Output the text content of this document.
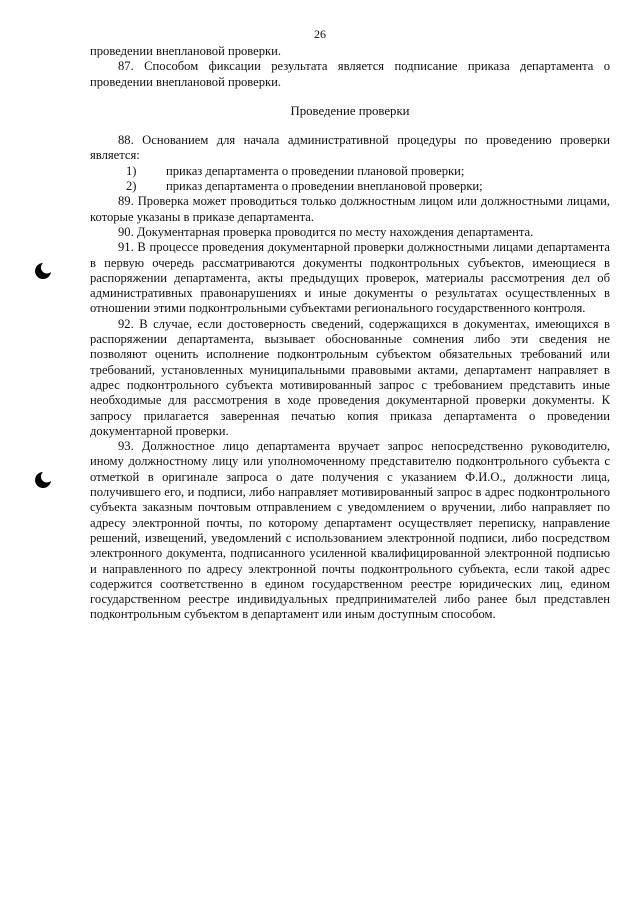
26

проведении внеплановой проверки.

87. Способом фиксации результата является подписание приказа департамента о проведении внеплановой проверки.

Проведение проверки

88. Основанием для начала административной процедуры по проведению проверки является:

1) приказ департамента о проведении плановой проверки;
2) приказ департамента о проведении внеплановой проверки;

89. Проверка может проводиться только должностным лицом или должностными лицами, которые указаны в приказе департамента.

90. Документарная проверка проводится по месту нахождения департамента.

91. В процессе проведения документарной проверки должностными лицами департамента в первую очередь рассматриваются документы подконтрольных субъектов, имеющиеся в распоряжении департамента, акты предыдущих проверок, материалы рассмотрения дел об административных правонарушениях и иные документы о результатах осуществленных в отношении этими подконтрольными субъектами регионального государственного контроля.

92. В случае, если достоверность сведений, содержащихся в документах, имеющихся в распоряжении департамента, вызывает обоснованные сомнения либо эти сведения не позволяют оценить исполнение подконтрольным субъектом обязательных требований или требований, установленных муниципальными правовыми актами, департамент направляет в адрес подконтрольного субъекта мотивированный запрос с требованием представить иные необходимые для рассмотрения в ходе проведения документарной проверки документы. К запросу прилагается заверенная печатью копия приказа департамента о проведении документарной проверки.

93. Должностное лицо департамента вручает запрос непосредственно руководителю, иному должностному лицу или уполномоченному представителю подконтрольного субъекта с отметкой в оригинале запроса о дате получения с указанием Ф.И.О., должности лица, получившего его, и подписи, либо направляет мотивированный запрос в адрес подконтрольного субъекта заказным почтовым отправлением с уведомлением о вручении, либо направляет по адресу электронной почты, по которому департамент осуществляет переписку, направление решений, извещений, уведомлений с использованием электронной подписи, либо посредством электронного документа, подписанного усиленной квалифицированной электронной подписью и направленного по адресу электронной почты подконтрольного субъекта, если такой адрес содержится соответственно в едином государственном реестре юридических лиц, едином государственном реестре индивидуальных предпринимателей либо ранее был представлен подконтрольным субъектом в департамент или иным доступным способом.
